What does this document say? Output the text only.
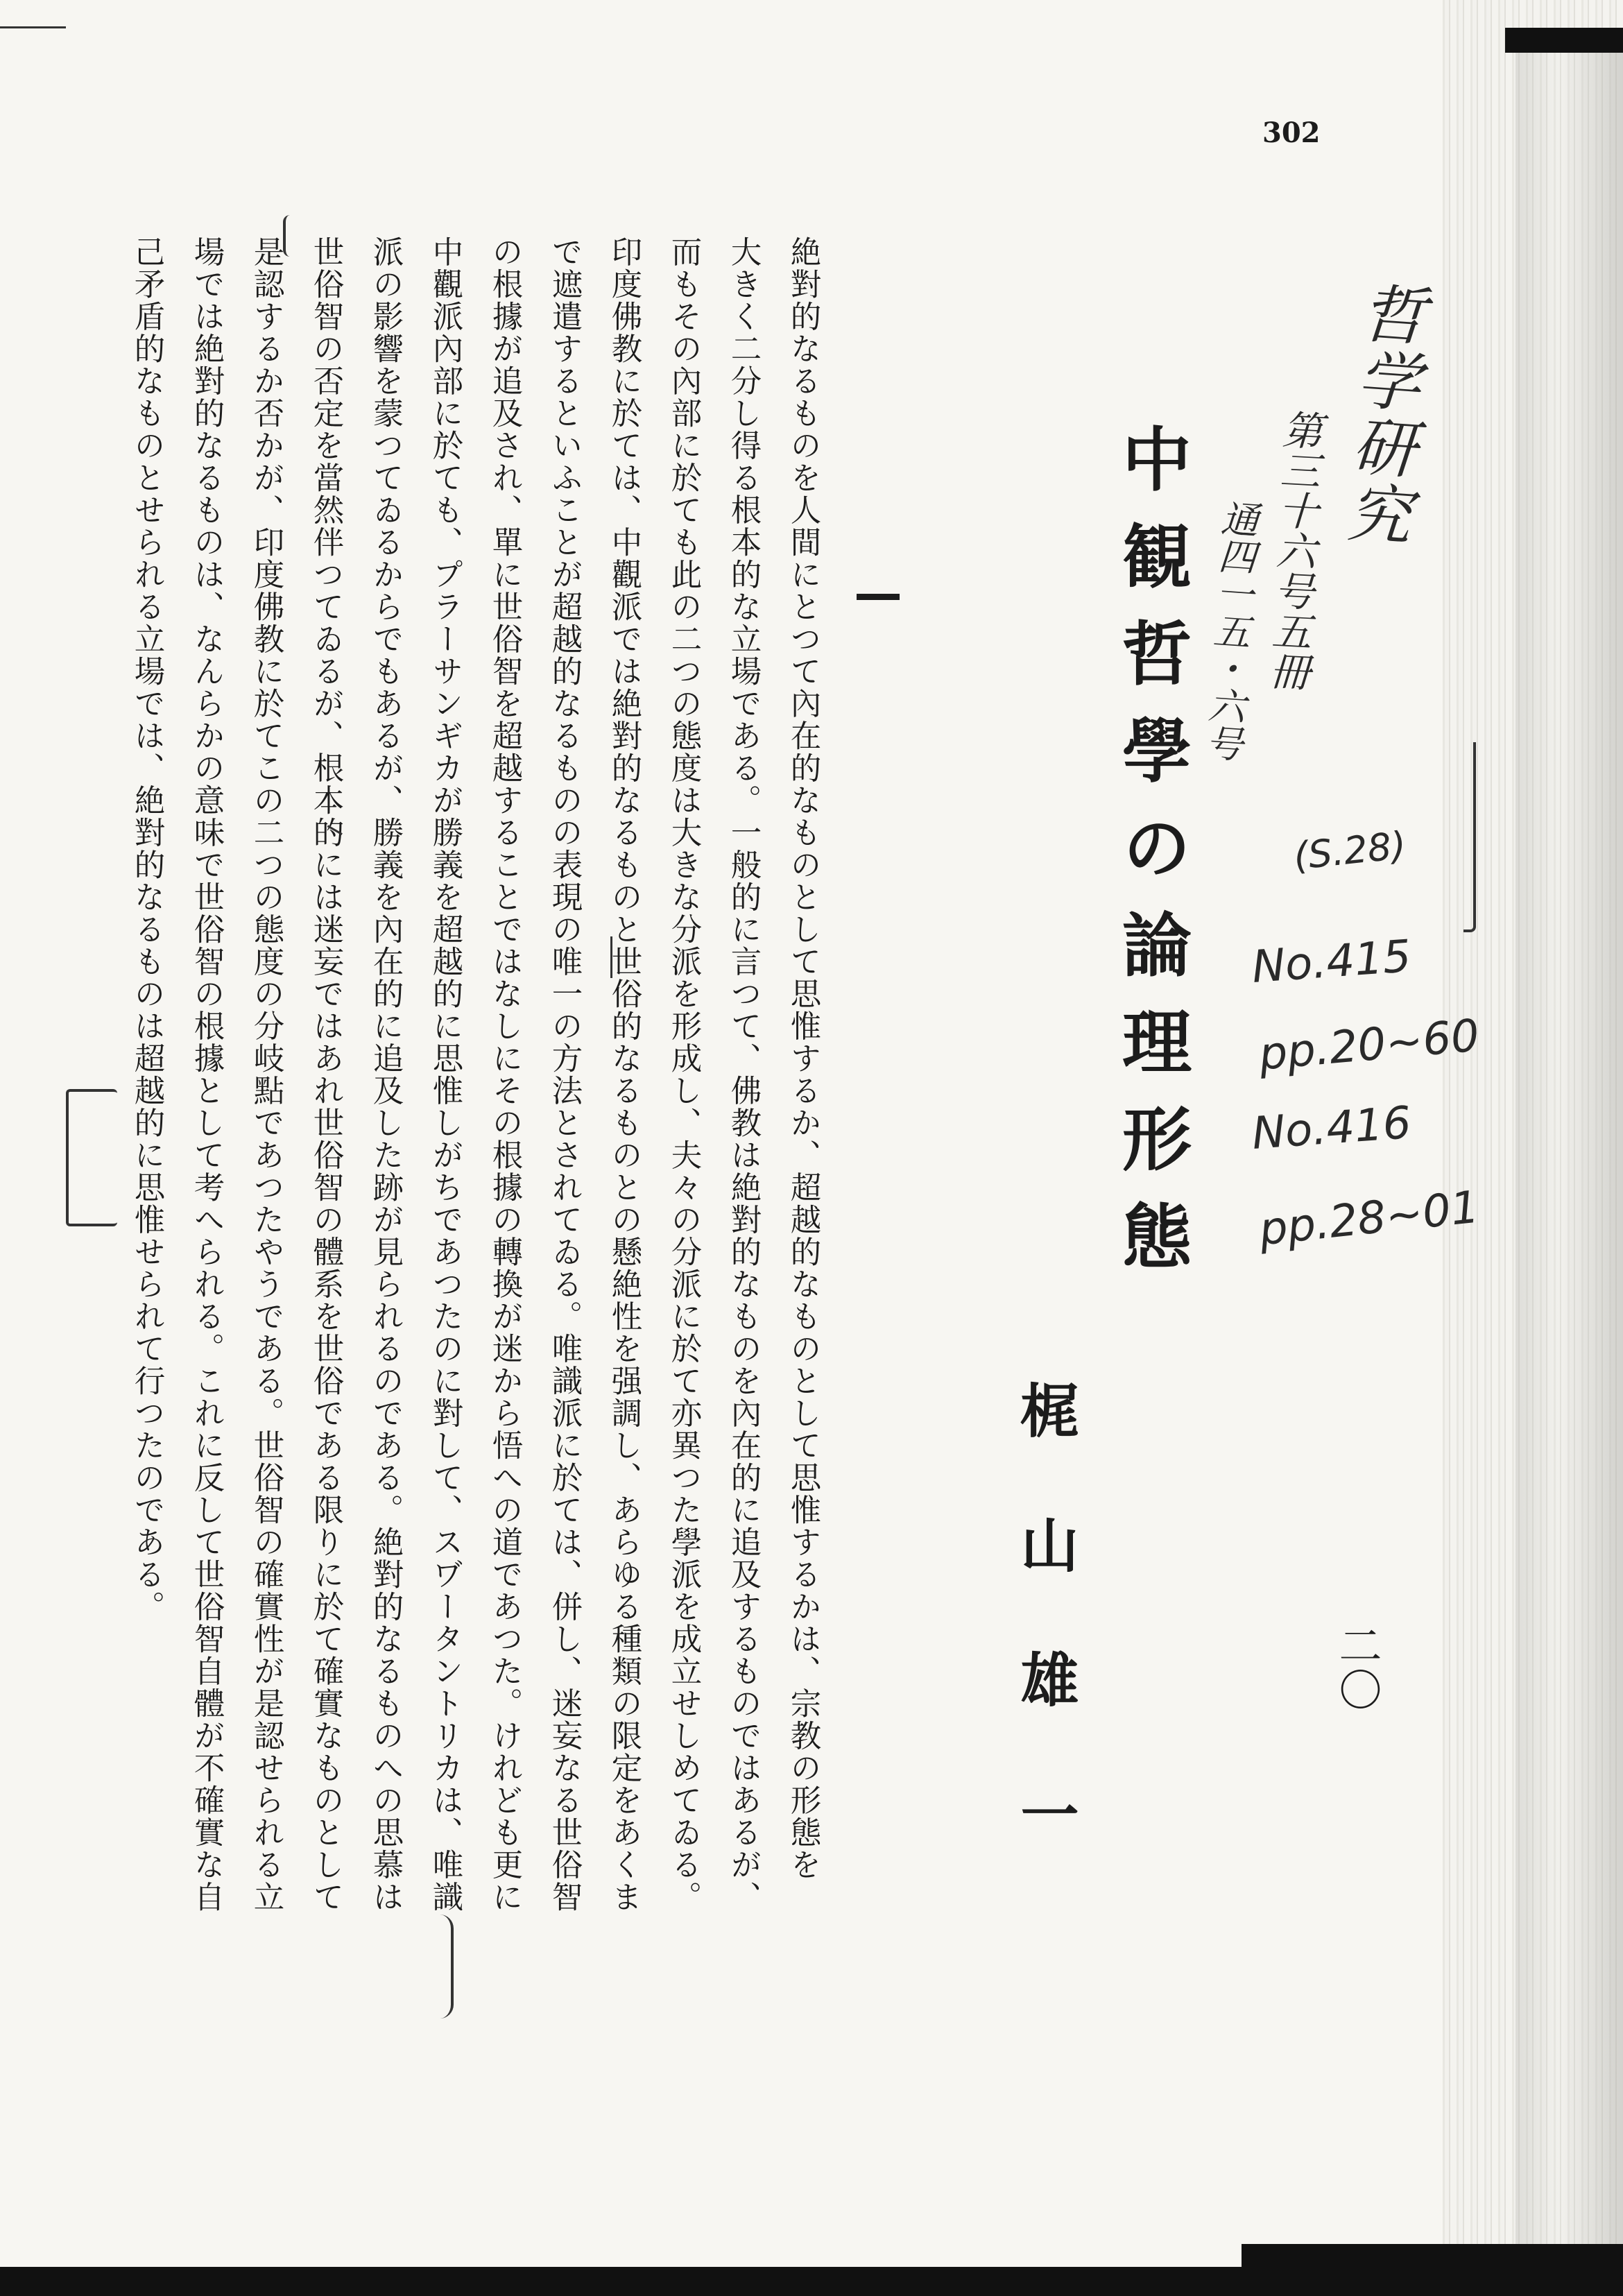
302
中観哲學の論理形態
梶山雄一	二〇
哲学研究
第三十六号五冊
通四一五・六号
(S.28)
No.415
pp.20~60
No.416
pp.28~01
絶對的なるものを人間にとつて內在的なものとして思惟するか、超越的なものとして思惟するかは、宗教の形態を
大きく二分し得る根本的な立場である。一般的に言つて、佛教は絶對的なものを內在的に追及するものではあるが、
而もその內部に於ても此の二つの態度は大きな分派を形成し、夫々の分派に於て亦異つた學派を成立せしめてゐる。
印度佛教に於ては、中觀派では絶對的なるものと世俗的なるものとの懸絶性を强調し、あらゆる種類の限定をあくま
で遮遣するといふことが超越的なるものの表現の唯一の方法とされてゐる。唯識派に於ては、併し、迷妄なる世俗智
の根據が追及され、單に世俗智を超越することではなしにその根據の轉換が迷から悟への道であつた。けれども更に
中觀派內部に於ても、プラーサンギカが勝義を超越的に思惟しがちであつたのに對して、スヷータントリカは、唯識
派の影響を蒙つてゐるからでもあるが、勝義を內在的に追及した跡が見られるのである。絶對的なるものへの思慕は
世俗智の否定を當然伴つてゐるが、根本的には迷妄ではあれ世俗智の體系を世俗である限りに於て確實なものとして
是認するか否かが、印度佛教に於てこの二つの態度の分岐點であつたやうである。世俗智の確實性が是認せられる立
場では絶對的なるものは、なんらかの意味で世俗智の根據として考へられる。これに反して世俗智自體が不確實な自
己矛盾的なものとせられる立場では、絶對的なるものは超越的に思惟せられて行つたのである。
